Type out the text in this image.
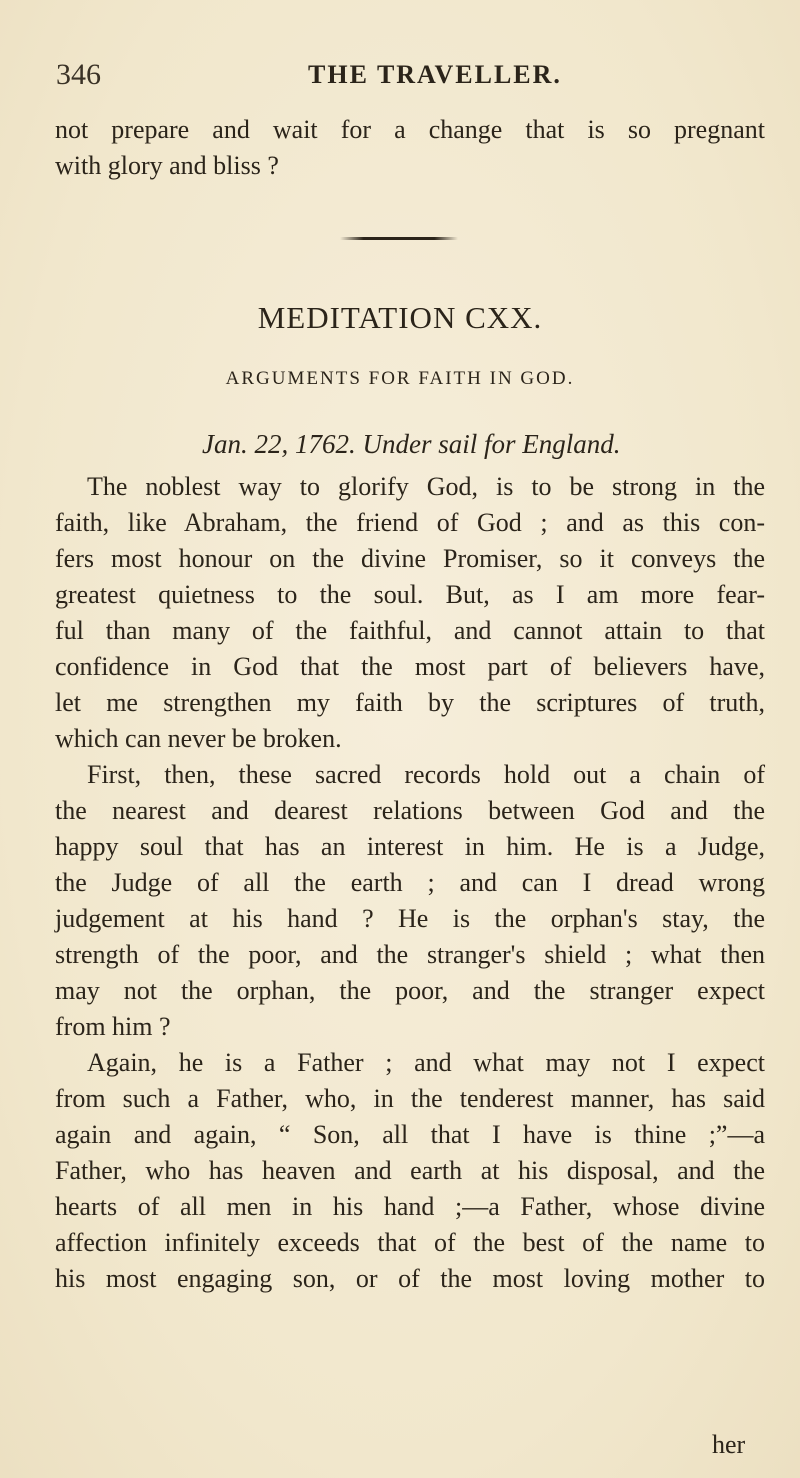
346	THE TRAVELLER.
not prepare and wait for a change that is so pregnant
with glory and bliss ?
MEDITATION CXX.
ARGUMENTS FOR FAITH IN GOD.
Jan. 22, 1762. Under sail for England.
The noblest way to glorify God, is to be strong in the
faith, like Abraham, the friend of God ; and as this con-
fers most honour on the divine Promiser, so it conveys the
greatest quietness to the soul. But, as I am more fear-
ful than many of the faithful, and cannot attain to that
confidence in God that the most part of believers have,
let me strengthen my faith by the scriptures of truth,
which can never be broken.
First, then, these sacred records hold out a chain of
the nearest and dearest relations between God and the
happy soul that has an interest in him. He is a Judge,
the Judge of all the earth ; and can I dread wrong
judgement at his hand ? He is the orphan's stay, the
strength of the poor, and the stranger's shield ; what then
may not the orphan, the poor, and the stranger expect
from him ?
Again, he is a Father ; and what may not I expect
from such a Father, who, in the tenderest manner, has said
again and again, “ Son, all that I have is thine ;”—a
Father, who has heaven and earth at his disposal, and the
hearts of all men in his hand ;—a Father, whose divine
affection infinitely exceeds that of the best of the name to
his most engaging son, or of the most loving mother to
her
